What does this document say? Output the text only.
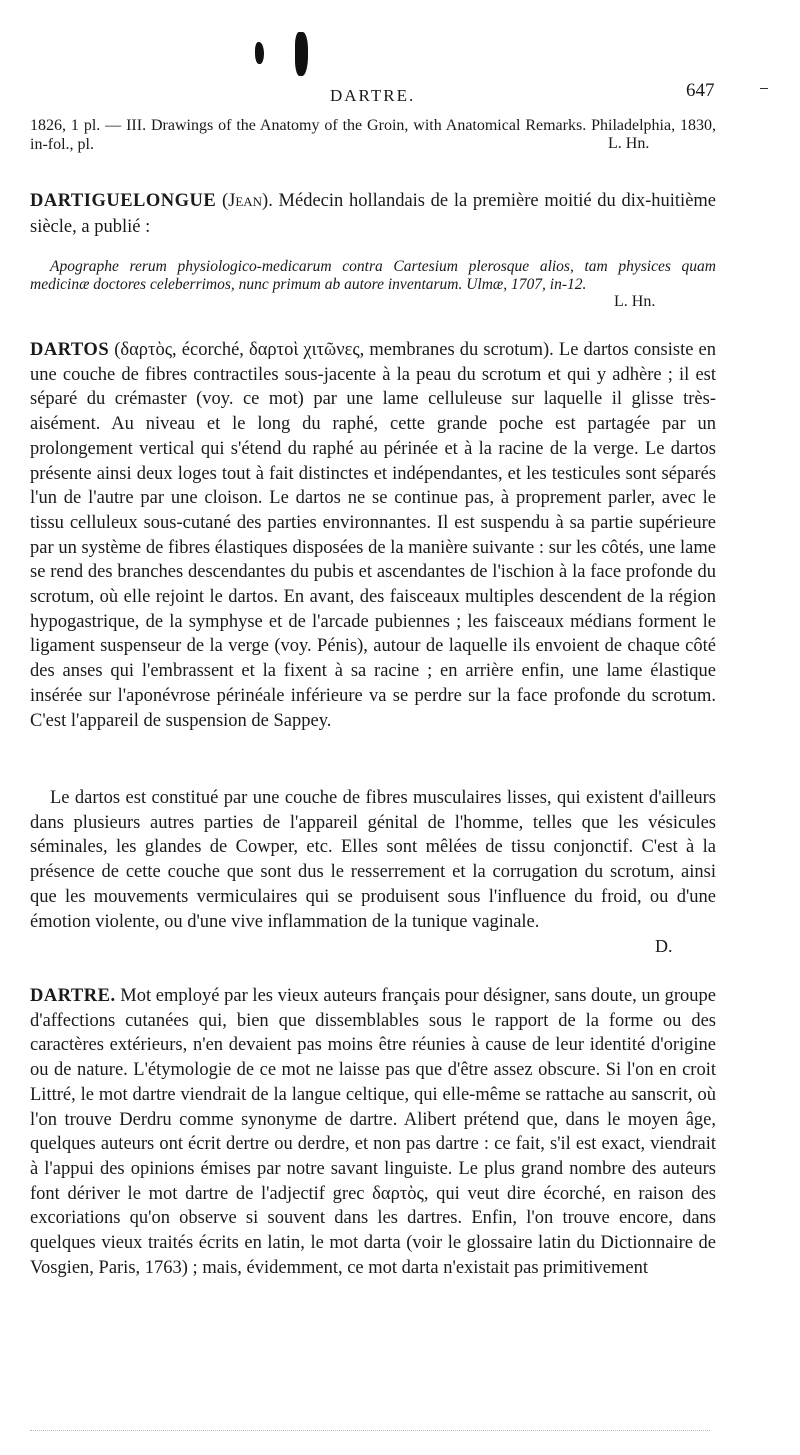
DARTRE.	647
1826, 1 pl. — III. Drawings of the Anatomy of the Groin, with Anatomical Remarks. Philadelphia, 1830, in-fol., pl.	L. Hn.
DARTIGUELONGUE (Jean). Médecin hollandais de la première moitié du dix-huitième siècle, a publié :
Apographe rerum physiologico-medicarum contra Cartesium plerosque alios, tam physices quam medicinæ doctores celeberrimos, nunc primum ab autore inventarum. Ulmæ, 1707, in-12.
L. Hn.
DARTOS (δαρτὸς, écorché, δαρτοὶ χιτῶνες, membranes du scrotum). Le dartos consiste en une couche de fibres contractiles sous-jacente à la peau du scrotum et qui y adhère ; il est séparé du crémaster (voy. ce mot) par une lame celluleuse sur laquelle il glisse très-aisément. Au niveau et le long du raphé, cette grande poche est partagée par un prolongement vertical qui s'étend du raphé au périnée et à la racine de la verge. Le dartos présente ainsi deux loges tout à fait distinctes et indépendantes, et les testicules sont séparés l'un de l'autre par une cloison. Le dartos ne se continue pas, à proprement parler, avec le tissu celluleux sous-cutané des parties environnantes. Il est suspendu à sa partie supérieure par un système de fibres élastiques disposées de la manière suivante : sur les côtés, une lame se rend des branches descendantes du pubis et ascendantes de l'ischion à la face profonde du scrotum, où elle rejoint le dartos. En avant, des faisceaux multiples descendent de la région hypogastrique, de la symphyse et de l'arcade pubiennes ; les faisceaux médians forment le ligament suspenseur de la verge (voy. Pénis), autour de laquelle ils envoient de chaque côté des anses qui l'embrassent et la fixent à sa racine ; en arrière enfin, une lame élastique insérée sur l'aponévrose périnéale inférieure va se perdre sur la face profonde du scrotum. C'est l'appareil de suspension de Sappey.
Le dartos est constitué par une couche de fibres musculaires lisses, qui existent d'ailleurs dans plusieurs autres parties de l'appareil génital de l'homme, telles que les vésicules séminales, les glandes de Cowper, etc. Elles sont mêlées de tissu conjonctif. C'est à la présence de cette couche que sont dus le resserrement et la corrugation du scrotum, ainsi que les mouvements vermiculaires qui se produisent sous l'influence du froid, ou d'une émotion violente, ou d'une vive inflammation de la tunique vaginale.
D.
DARTRE. Mot employé par les vieux auteurs français pour désigner, sans doute, un groupe d'affections cutanées qui, bien que dissemblables sous le rapport de la forme ou des caractères extérieurs, n'en devaient pas moins être réunies à cause de leur identité d'origine ou de nature. L'étymologie de ce mot ne laisse pas que d'être assez obscure. Si l'on en croit Littré, le mot dartre viendrait de la langue celtique, qui elle-même se rattache au sanscrit, où l'on trouve Derdru comme synonyme de dartre. Alibert prétend que, dans le moyen âge, quelques auteurs ont écrit dertre ou derdre, et non pas dartre : ce fait, s'il est exact, viendrait à l'appui des opinions émises par notre savant linguiste. Le plus grand nombre des auteurs font dériver le mot dartre de l'adjectif grec δαρτὸς, qui veut dire écorché, en raison des excoriations qu'on observe si souvent dans les dartres. Enfin, l'on trouve encore, dans quelques vieux traités écrits en latin, le mot darta (voir le glossaire latin du Dictionnaire de Vosgien, Paris, 1763) ; mais, évidemment, ce mot darta n'existait pas primitivement
